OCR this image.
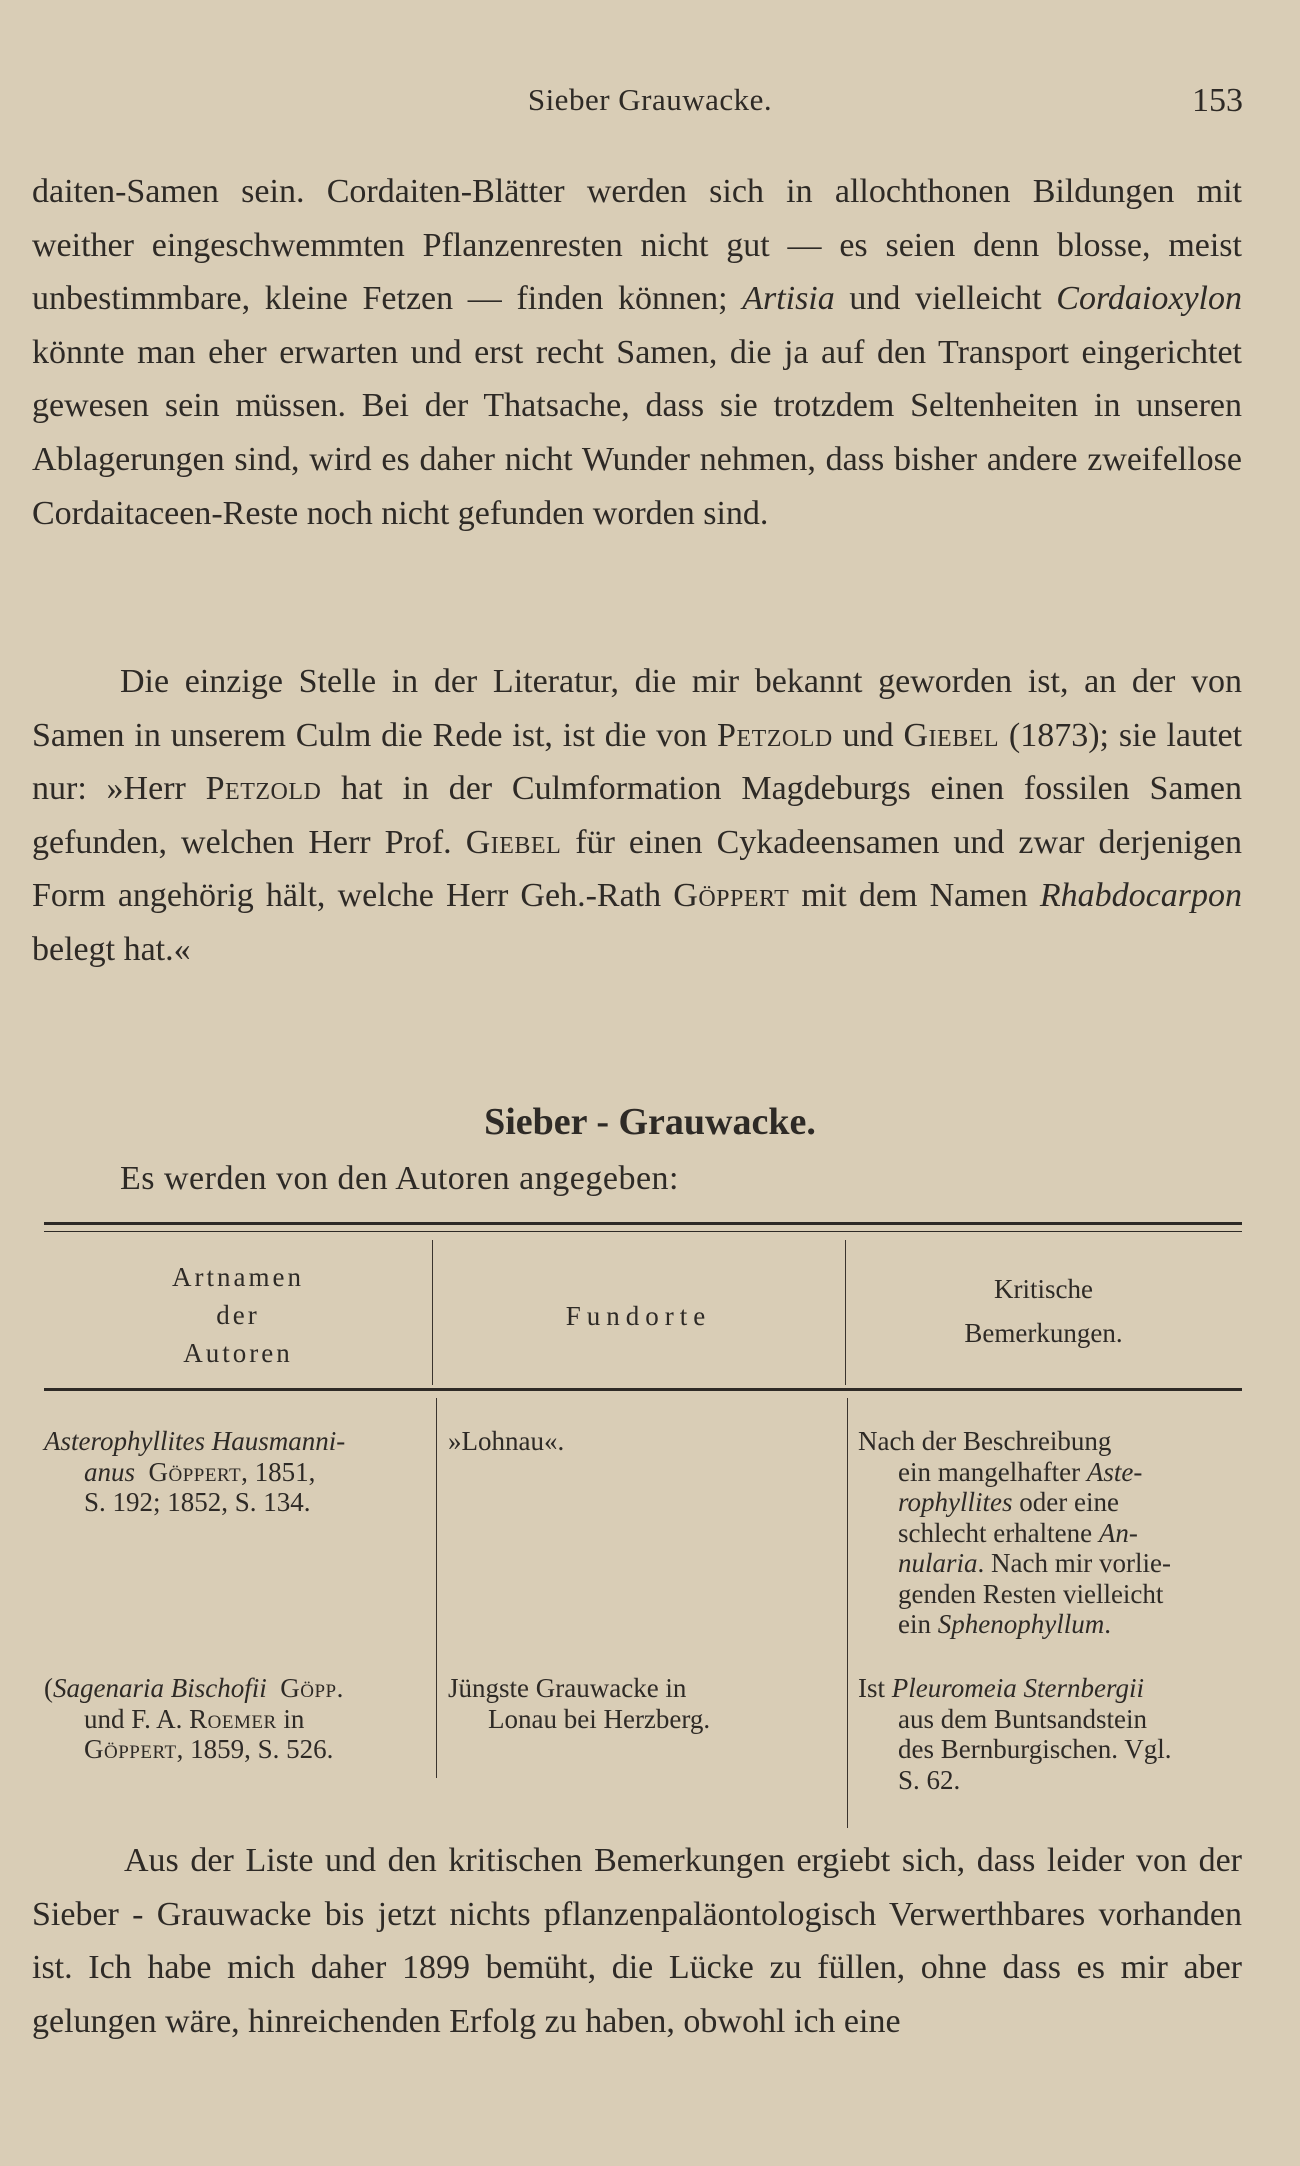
Sieber Grauwacke.	153

daiten-Samen sein. Cordaiten-Blätter werden sich in allochthonen Bildungen mit weither eingeschwemmten Pflanzenresten nicht gut — es seien denn blosse, meist unbestimmbare, kleine Fetzen — finden können; Artisia und vielleicht Cordaioxylon könnte man eher erwarten und erst recht Samen, die ja auf den Transport eingerichtet gewesen sein müssen. Bei der Thatsache, dass sie trotzdem Seltenheiten in unseren Ablagerungen sind, wird es daher nicht Wunder nehmen, dass bisher andere zweifellose Cordaitaceen-Reste noch nicht gefunden worden sind.

Die einzige Stelle in der Literatur, die mir bekannt geworden ist, an der von Samen in unserem Culm die Rede ist, ist die von Petzold und Giebel (1873); sie lautet nur: »Herr Petzold hat in der Culmformation Magdeburgs einen fossilen Samen gefunden, welchen Herr Prof. Giebel für einen Cykadeensamen und zwar derjenigen Form angehörig hält, welche Herr Geh.-Rath Göppert mit dem Namen Rhabdocarpon belegt hat.«

Sieber - Grauwacke.
Es werden von den Autoren angegeben:
Artnamen
der
Autoren
Fundorte
Kritische
Bemerkungen.
Asterophyllites Hausmanni-
anus Göppert, 1851,
S. 192; 1852, S. 134.
»Lohnau«.	Nach der Beschreibung
ein mangelhafter Aste-
rophyllites oder eine
schlecht erhaltene An-
nularia. Nach mir vorlie-
genden Resten vielleicht
ein Sphenophyllum.
(Sagenaria Bischofii Göpp.
und F. A. Roemer in
Göppert, 1859, S. 526.
Jüngste Grauwacke in
Lonau bei Herzberg.
Ist Pleuromeia Sternbergii
aus dem Buntsandstein
des Bernburgischen. Vgl.
S. 62.

Aus der Liste und den kritischen Bemerkungen ergiebt sich, dass leider von der Sieber - Grauwacke bis jetzt nichts pflanzenpaläontologisch Verwerthbares vorhanden ist. Ich habe mich daher 1899 bemüht, die Lücke zu füllen, ohne dass es mir aber gelungen wäre, hinreichenden Erfolg zu haben, obwohl ich eine
